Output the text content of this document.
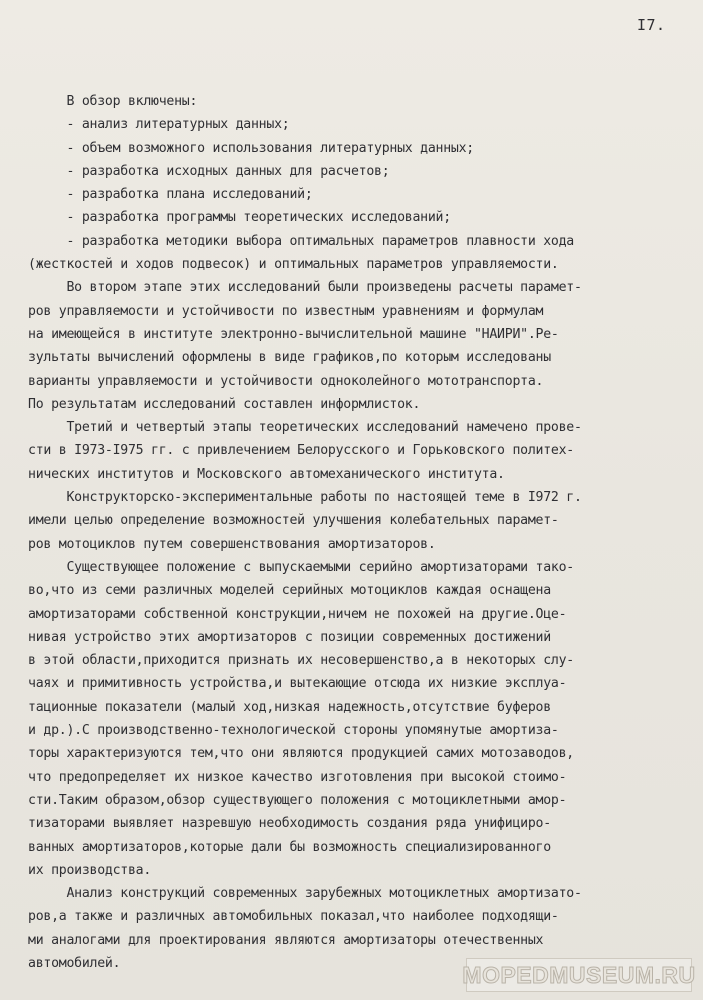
I7.
В обзор включены:
- анализ литературных данных;
- объем возможного использования литературных данных;
- разработка исходных данных для расчетов;
- разработка плана исследований;
- разработка программы теоретических исследований;
- разработка методики выбора оптимальных параметров плавности хода
(жесткостей и ходов подвесок) и оптимальных параметров управляемости.
Во втором этапе этих исследований были произведены расчеты парамет-
ров управляемости и устойчивости по известным уравнениям и формулам
на имеющейся в институте электронно-вычислительной машине "НАИРИ".Ре-
зультаты вычислений оформлены в виде графиков,по которым исследованы
варианты управляемости и устойчивости одноколейного мототранспорта.
По результатам исследований составлен информлисток.
Третий и четвертый этапы теоретических исследований намечено прове-
сти в I973-I975 гг. с привлечением Белорусского и Горьковского политех-
нических институтов и Московского автомеханического института.
Конструкторско-экспериментальные работы по настоящей теме в I972 г.
имели целью определение возможностей улучшения колебательных парамет-
ров мотоциклов путем совершенствования амортизаторов.
Существующее положение с выпускаемыми серийно амортизаторами тако-
во,что из семи различных моделей серийных мотоциклов каждая оснащена
амортизаторами собственной конструкции,ничем не похожей на другие.Оце-
нивая устройство этих амортизаторов с позиции современных достижений
в этой области,приходится признать их несовершенство,а в некоторых слу-
чаях и примитивность устройства,и вытекающие отсюда их низкие эксплуа-
тационные показатели (малый ход,низкая надежность,отсутствие буферов
и др.).С производственно-технологической стороны упомянутые амортиза-
торы характеризуются тем,что они являются продукцией самих мотозаводов,
что предопределяет их низкое качество изготовления при высокой стоимо-
сти.Таким образом,обзор существующего положения с мотоциклетными амор-
тизаторами выявляет назревшую необходимость создания ряда унифициро-
ванных амортизаторов,которые дали бы возможность специализированного
их производства.
Анализ конструкций современных зарубежных мотоциклетных амортизато-
ров,а также и различных автомобильных показал,что наиболее подходящи-
ми аналогами для проектирования являются амортизаторы отечественных
автомобилей.	MOPEDMUSEUM.RU
